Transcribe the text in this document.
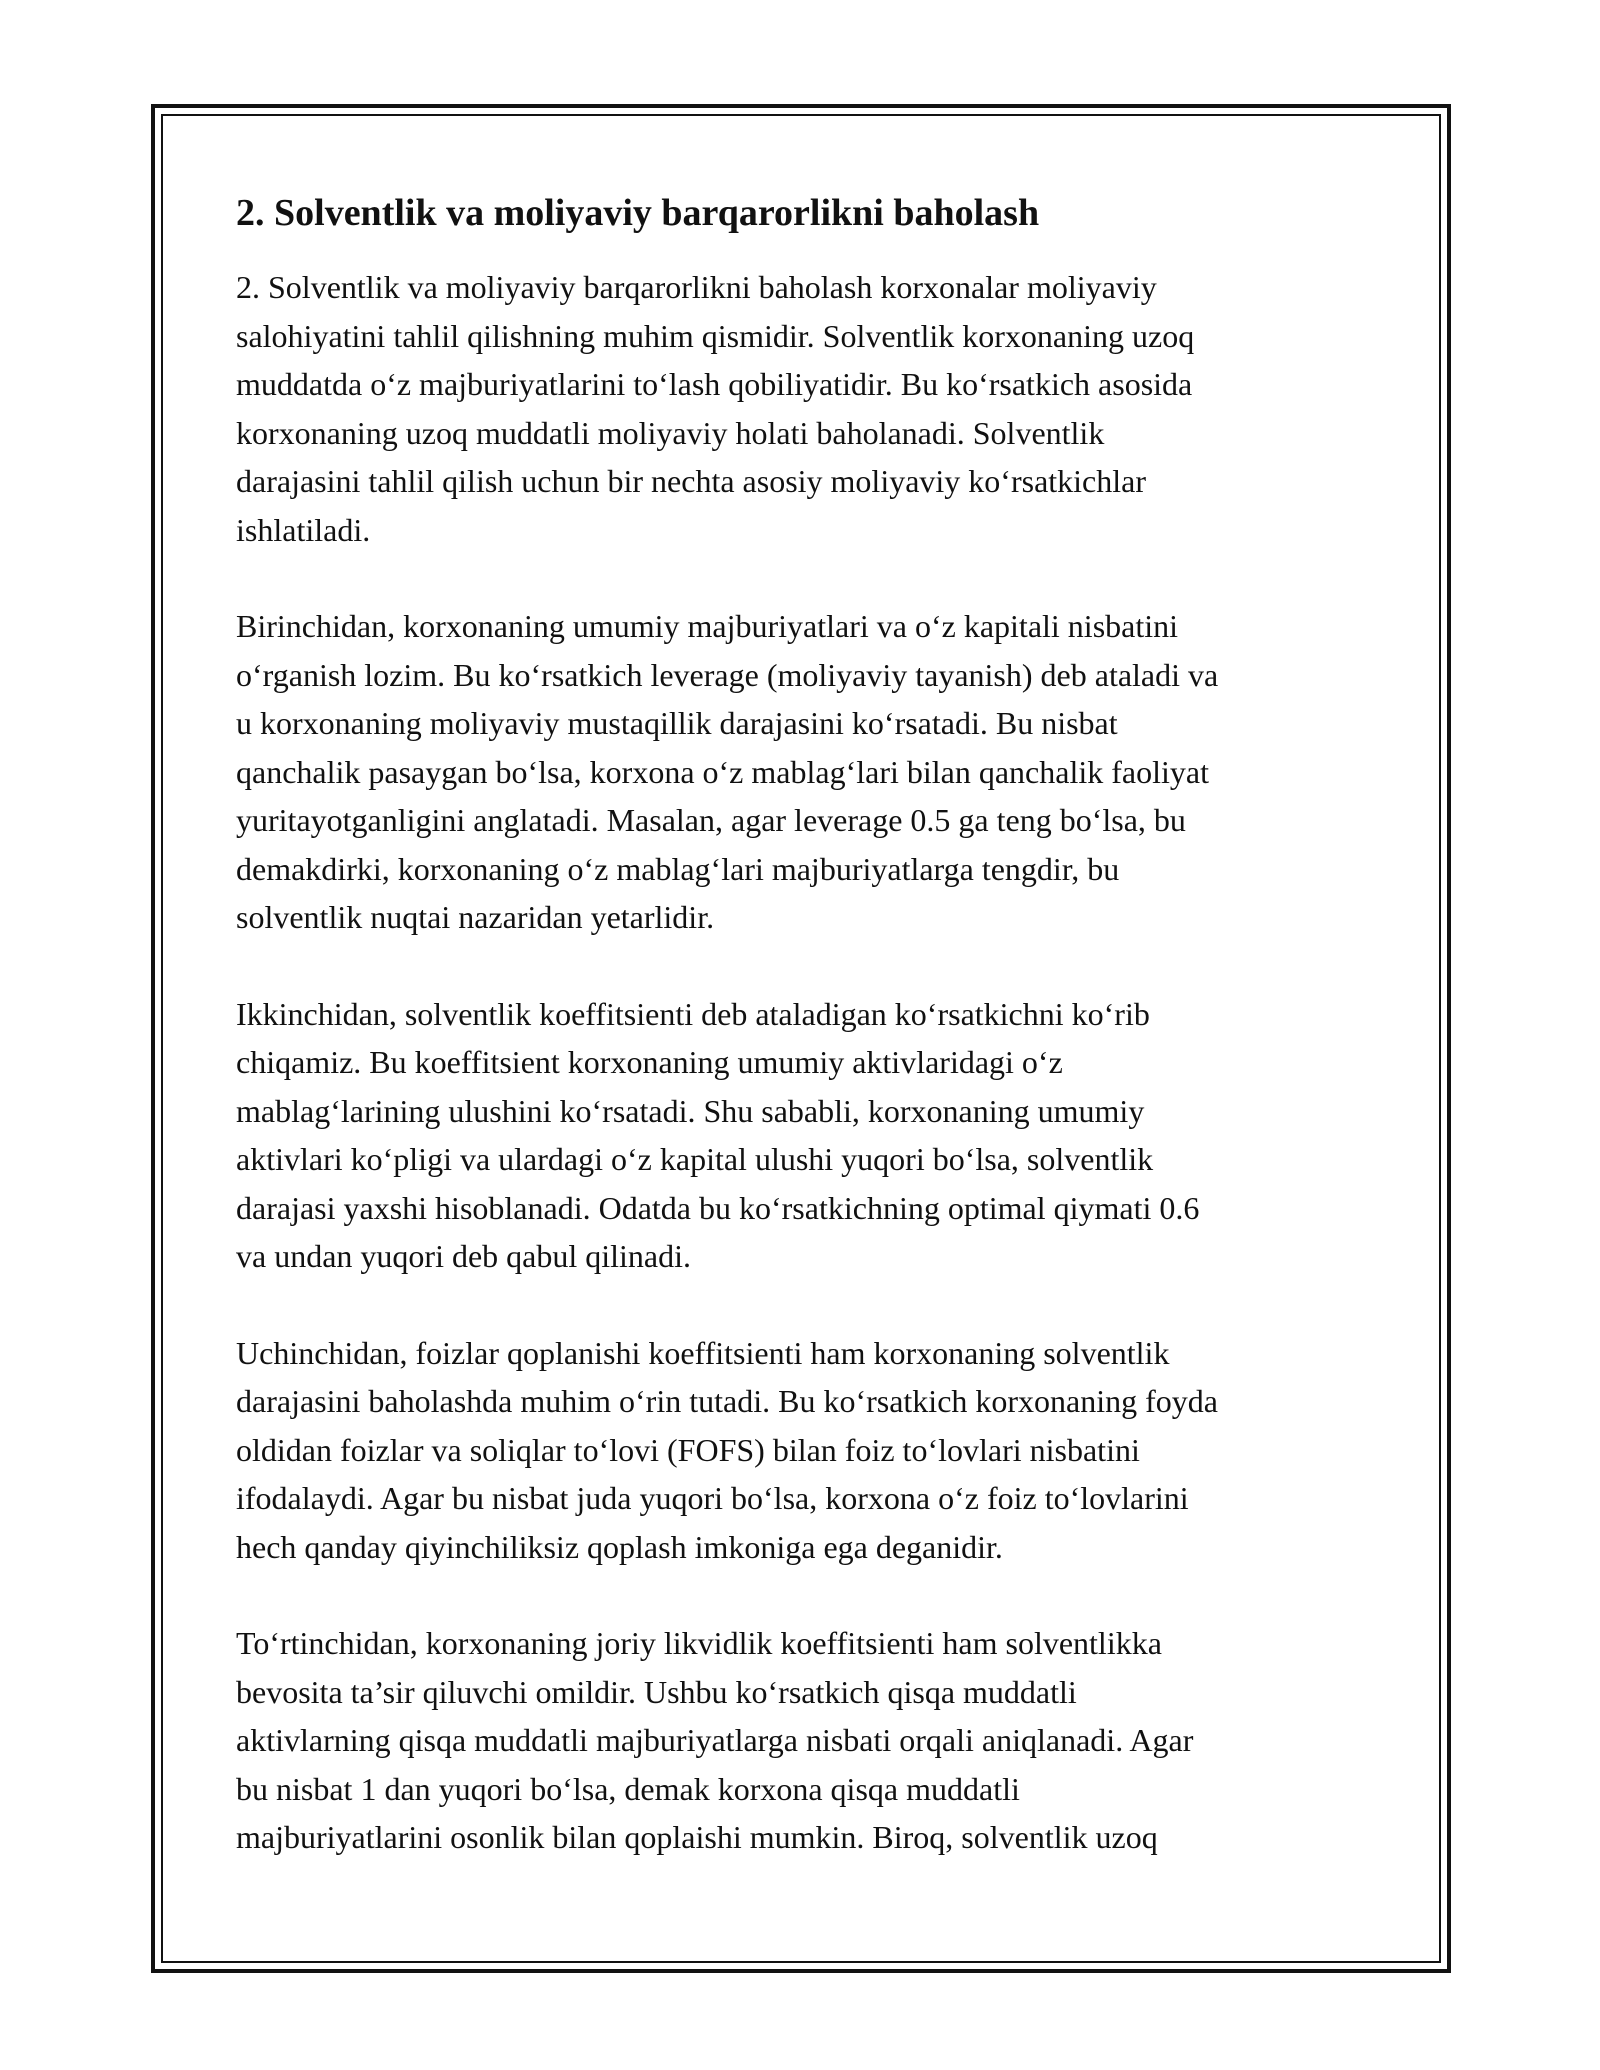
2. Solventlik va moliyaviy barqarorlikni baholash

2. Solventlik va moliyaviy barqarorlikni baholash korxonalar moliyaviy
salohiyatini tahlil qilishning muhim qismidir. Solventlik korxonaning uzoq
muddatda o‘z majburiyatlarini to‘lash qobiliyatidir. Bu ko‘rsatkich asosida
korxonaning uzoq muddatli moliyaviy holati baholanadi. Solventlik
darajasini tahlil qilish uchun bir nechta asosiy moliyaviy ko‘rsatkichlar
ishlatiladi.

Birinchidan, korxonaning umumiy majburiyatlari va o‘z kapitali nisbatini
o‘rganish lozim. Bu ko‘rsatkich leverage (moliyaviy tayanish) deb ataladi va
u korxonaning moliyaviy mustaqillik darajasini ko‘rsatadi. Bu nisbat
qanchalik pasaygan bo‘lsa, korxona o‘z mablag‘lari bilan qanchalik faoliyat
yuritayotganligini anglatadi. Masalan, agar leverage 0.5 ga teng bo‘lsa, bu
demakdirki, korxonaning o‘z mablag‘lari majburiyatlarga tengdir, bu
solventlik nuqtai nazaridan yetarlidir.

Ikkinchidan, solventlik koeffitsienti deb ataladigan ko‘rsatkichni ko‘rib
chiqamiz. Bu koeffitsient korxonaning umumiy aktivlaridagi o‘z
mablag‘larining ulushini ko‘rsatadi. Shu sababli, korxonaning umumiy
aktivlari ko‘pligi va ulardagi o‘z kapital ulushi yuqori bo‘lsa, solventlik
darajasi yaxshi hisoblanadi. Odatda bu ko‘rsatkichning optimal qiymati 0.6
va undan yuqori deb qabul qilinadi.

Uchinchidan, foizlar qoplanishi koeffitsienti ham korxonaning solventlik
darajasini baholashda muhim o‘rin tutadi. Bu ko‘rsatkich korxonaning foyda
oldidan foizlar va soliqlar to‘lovi (FOFS) bilan foiz to‘lovlari nisbatini
ifodalaydi. Agar bu nisbat juda yuqori bo‘lsa, korxona o‘z foiz to‘lovlarini
hech qanday qiyinchiliksiz qoplash imkoniga ega deganidir.

To‘rtinchidan, korxonaning joriy likvidlik koeffitsienti ham solventlikka
bevosita ta’sir qiluvchi omildir. Ushbu ko‘rsatkich qisqa muddatli
aktivlarning qisqa muddatli majburiyatlarga nisbati orqali aniqlanadi. Agar
bu nisbat 1 dan yuqori bo‘lsa, demak korxona qisqa muddatli
majburiyatlarini osonlik bilan qoplaishi mumkin. Biroq, solventlik uzoq
